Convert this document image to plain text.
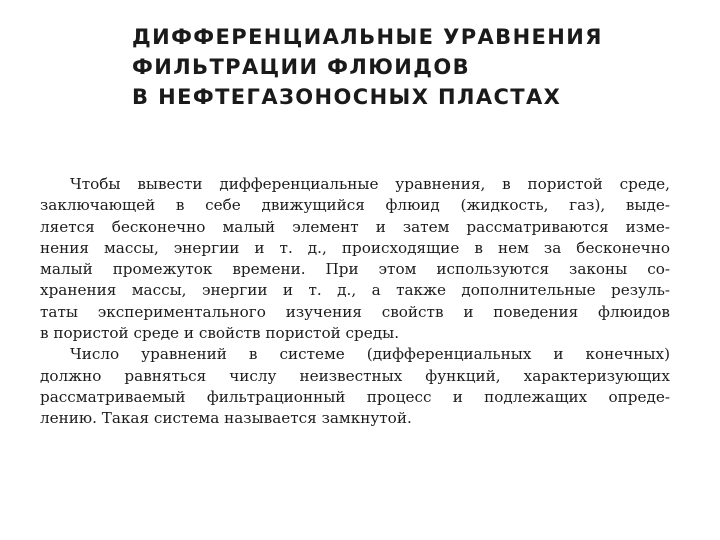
ДИФФЕРЕНЦИАЛЬНЫЕ УРАВНЕНИЯ
ФИЛЬТРАЦИИ ФЛЮИДОВ
В НЕФТЕГАЗОНОСНЫХ ПЛАСТАХ
Чтобы вывести дифференциальные уравнения, в пористой среде,
заключающей в себе движущийся флюид (жидкость, газ), выде-
ляется бесконечно малый элемент и затем рассматриваются изме-
нения массы, энергии и т. д., происходящие в нем за бесконечно
малый промежуток времени. При этом используются законы со-
хранения массы, энергии и т. д., а также дополнительные резуль-
таты экспериментального изучения свойств и поведения флюидов
в пористой среде и свойств пористой среды.
Число уравнений в системе (дифференциальных и конечных)
должно равняться числу неизвестных функций, характеризующих
рассматриваемый фильтрационный процесс и подлежащих опреде-
лению. Такая система называется замкнутой.
